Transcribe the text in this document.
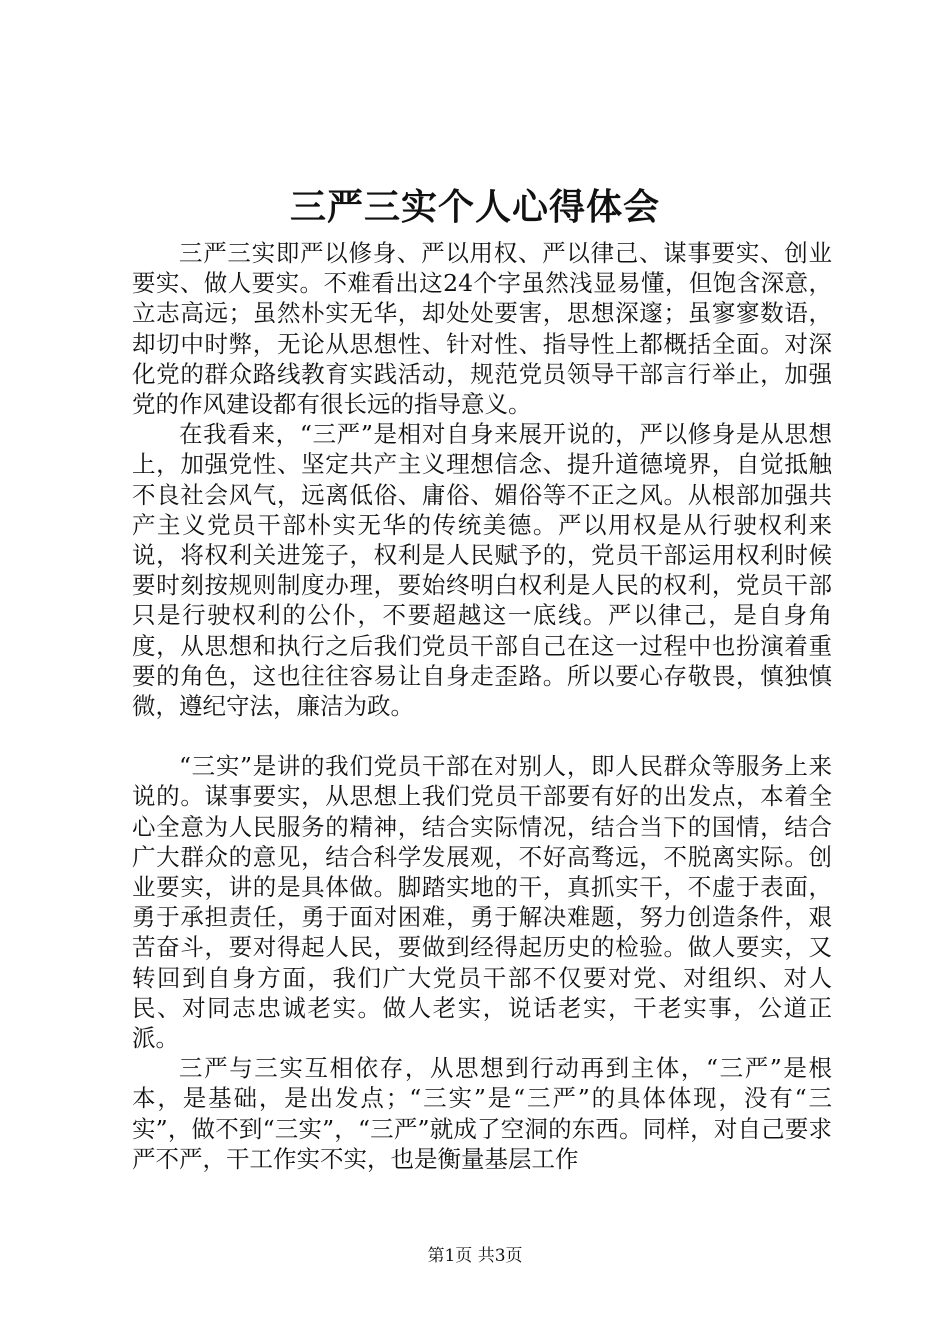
三严三实个人心得体会

三严三实即严以修身、严以用权、严以律己、谋事要实、创业要实、做人要实。不难看出这24个字虽然浅显易懂，但饱含深意，立志高远；虽然朴实无华，却处处要害，思想深邃；虽寥寥数语，却切中时弊，无论从思想性、针对性、指导性上都概括全面。对深化党的群众路线教育实践活动，规范党员领导干部言行举止，加强党的作风建设都有很长远的指导意义。

在我看来，“三严”是相对自身来展开说的，严以修身是从思想上，加强党性、坚定共产主义理想信念、提升道德境界，自觉抵触不良社会风气，远离低俗、庸俗、媚俗等不正之风。从根部加强共产主义党员干部朴实无华的传统美德。严以用权是从行驶权利来说，将权利关进笼子，权利是人民赋予的，党员干部运用权利时候要时刻按规则制度办理，要始终明白权利是人民的权利，党员干部只是行驶权利的公仆，不要超越这一底线。严以律己，是自身角度，从思想和执行之后我们党员干部自己在这一过程中也扮演着重要的角色，这也往往容易让自身走歪路。所以要心存敬畏，慎独慎微，遵纪守法，廉洁为政。

“三实”是讲的我们党员干部在对别人，即人民群众等服务上来说的。谋事要实，从思想上我们党员干部要有好的出发点，本着全心全意为人民服务的精神，结合实际情况，结合当下的国情，结合广大群众的意见，结合科学发展观，不好高骛远，不脱离实际。创业要实，讲的是具体做。脚踏实地的干，真抓实干，不虚于表面，勇于承担责任，勇于面对困难，勇于解决难题，努力创造条件，艰苦奋斗，要对得起人民，要做到经得起历史的检验。做人要实，又转回到自身方面，我们广大党员干部不仅要对党、对组织、对人民、对同志忠诚老实。做人老实，说话老实，干老实事，公道正派。

三严与三实互相依存，从思想到行动再到主体，“三严”是根本，是基础，是出发点；“三实”是“三严”的具体体现，没有“三实”，做不到“三实”，“三严”就成了空洞的东西。同样，对自己要求严不严，干工作实不实，也是衡量基层工作

第1页 共3页
